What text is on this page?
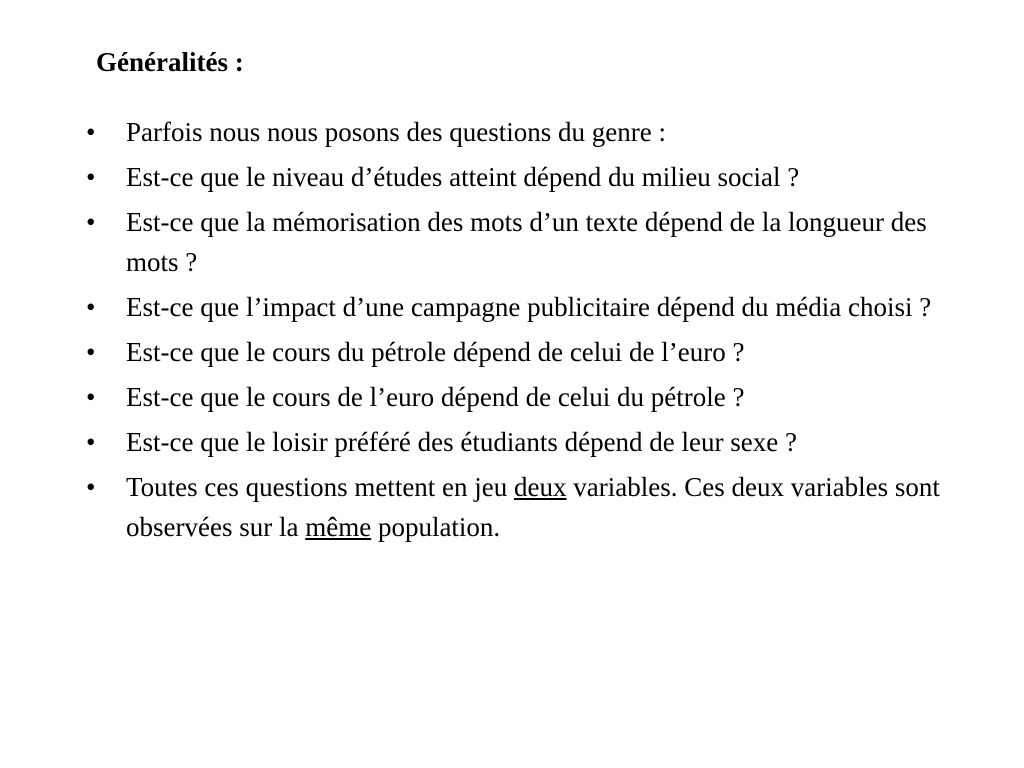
Généralités :
•	Parfois nous nous posons des questions du genre :
•	Est-ce que le niveau d’études atteint dépend du milieu social ?
•	Est-ce que la mémorisation des mots d’un texte dépend de la longueur des mots ?
•	Est-ce que l’impact d’une campagne publicitaire dépend du média choisi ?
•	Est-ce que le cours du pétrole dépend de celui de l’euro ?
•	Est-ce que le cours de l’euro dépend de celui du pétrole ?
•	Est-ce que le loisir préféré des étudiants dépend de leur sexe ?
•	Toutes ces questions mettent en jeu deux variables. Ces deux variables sont observées sur la même population.
